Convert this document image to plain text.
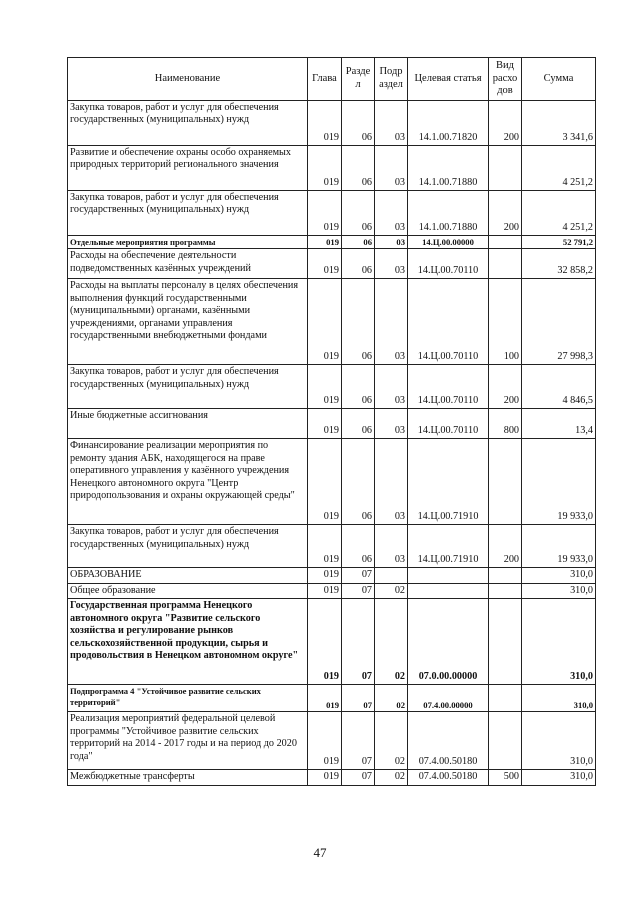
Наименование	Глава	Разде л	Подр аздел	Целевая статья	Вид расхо дов	Сумма
Закупка товаров, работ и услуг для обеспечения государственных (муниципальных) нужд	019	06	03	14.1.00.71820	200	3 341,6
Развитие и обеспечение охраны особо охраняемых природных территорий регионального значения	019	06	03	14.1.00.71880		4 251,2
Закупка товаров, работ и услуг для обеспечения государственных (муниципальных) нужд	019	06	03	14.1.00.71880	200	4 251,2
Отдельные мероприятия программы	019	06	03	14.Ц.00.00000		52 791,2
Расходы на обеспечение деятельности подведомственных казённых учреждений	019	06	03	14.Ц.00.70110		32 858,2
Расходы на выплаты персоналу в целях обеспечения выполнения функций государственными (муниципальными) органами, казёнными учреждениями, органами управления государственными внебюджетными фондами	019	06	03	14.Ц.00.70110	100	27 998,3
Закупка товаров, работ и услуг для обеспечения государственных (муниципальных) нужд	019	06	03	14.Ц.00.70110	200	4 846,5
Иные бюджетные ассигнования	019	06	03	14.Ц.00.70110	800	13,4
Финансирование реализации мероприятия по ремонту здания АБК, находящегося на праве оперативного управления у казённого учреждения Ненецкого автономного округа "Центр природопользования и охраны окружающей среды"	019	06	03	14.Ц.00.71910		19 933,0
Закупка товаров, работ и услуг для обеспечения государственных (муниципальных) нужд	019	06	03	14.Ц.00.71910	200	19 933,0
ОБРАЗОВАНИЕ	019	07				310,0
Общее образование	019	07	02			310,0
Государственная программа Ненецкого автономного округа "Развитие сельского хозяйства и регулирование рынков сельскохозяйственной продукции, сырья и продовольствия в Ненецком автономном округе"	019	07	02	07.0.00.00000		310,0
Подпрограмма 4 "Устойчивое развитие сельских территорий"	019	07	02	07.4.00.00000		310,0
Реализация мероприятий федеральной целевой программы "Устойчивое развитие сельских территорий на 2014 - 2017 годы и на период до 2020 года"	019	07	02	07.4.00.50180		310,0
Межбюджетные трансферты	019	07	02	07.4.00.50180	500	310,0
47
